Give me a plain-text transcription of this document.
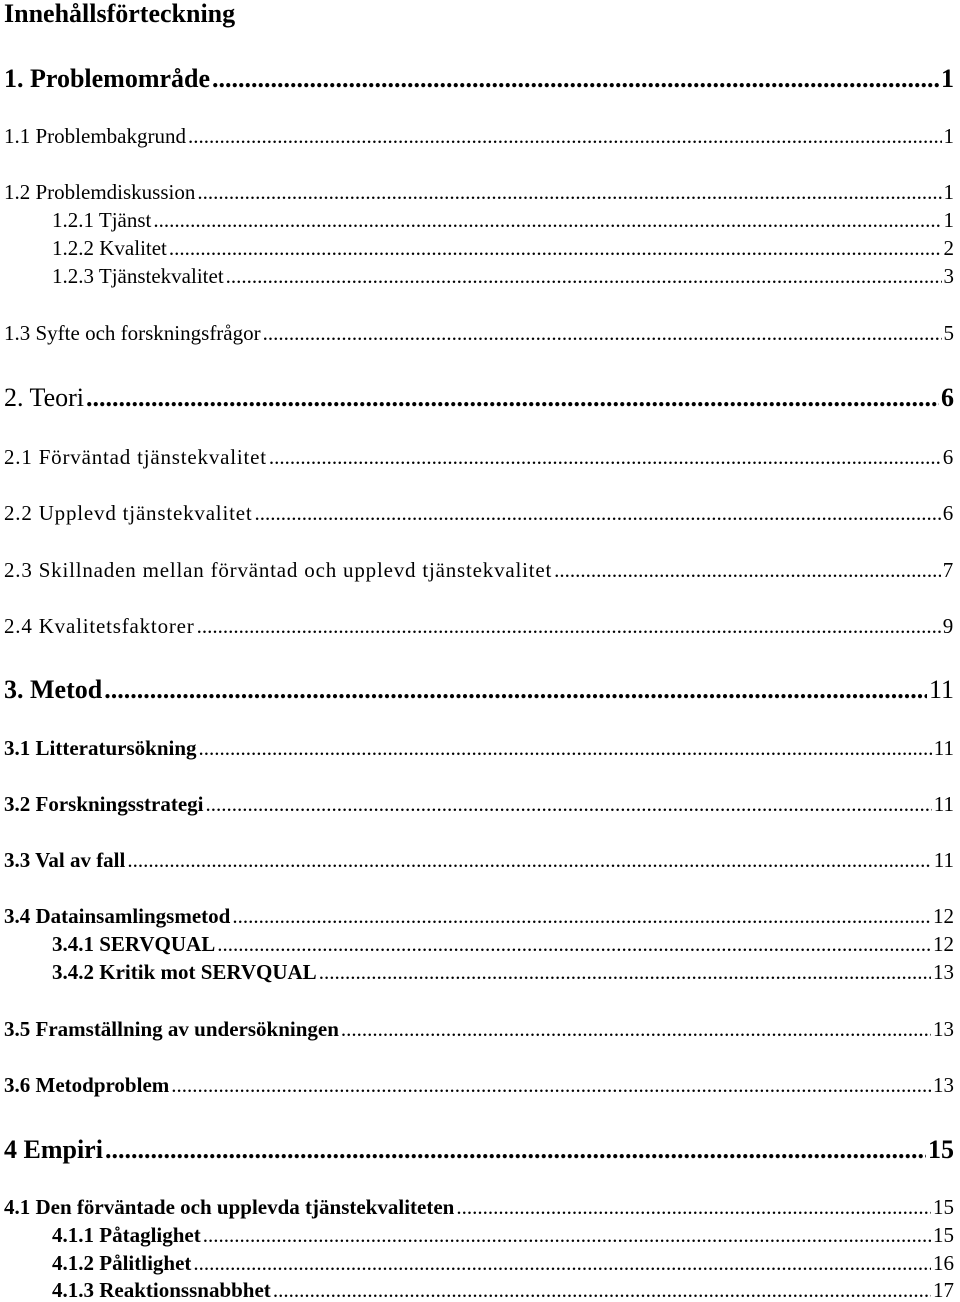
Innehållsförteckning
1. Problemområde .....	1
1.1 Problembakgrund .....	1
1.2 Problemdiskussion .....	1
1.2.1 Tjänst .....	1
1.2.2 Kvalitet .....	2
1.2.3 Tjänstekvalitet .....	3
1.3 Syfte och forskningsfrågor .....	5
2. Teori .....	6
2.1 Förväntad tjänstekvalitet .....	6
2.2 Upplevd tjänstekvalitet .....	6
2.3 Skillnaden mellan förväntad och upplevd tjänstekvalitet .....	7
2.4 Kvalitetsfaktorer .....	9
3. Metod .....	11
3.1 Litteratursökning .....	11
3.2 Forskningsstrategi .....	11
3.3 Val av fall .....	11
3.4 Datainsamlingsmetod .....	12
3.4.1 SERVQUAL .....	12
3.4.2 Kritik mot SERVQUAL .....	13
3.5 Framställning av undersökningen .....	13
3.6 Metodproblem .....	13
4 Empiri .....	15
4.1 Den förväntade och upplevda tjänstekvaliteten .....	15
4.1.1 Påtaglighet .....	15
4.1.2 Pålitlighet .....	16
4.1.3 Reaktionssnabbhet .....	17
